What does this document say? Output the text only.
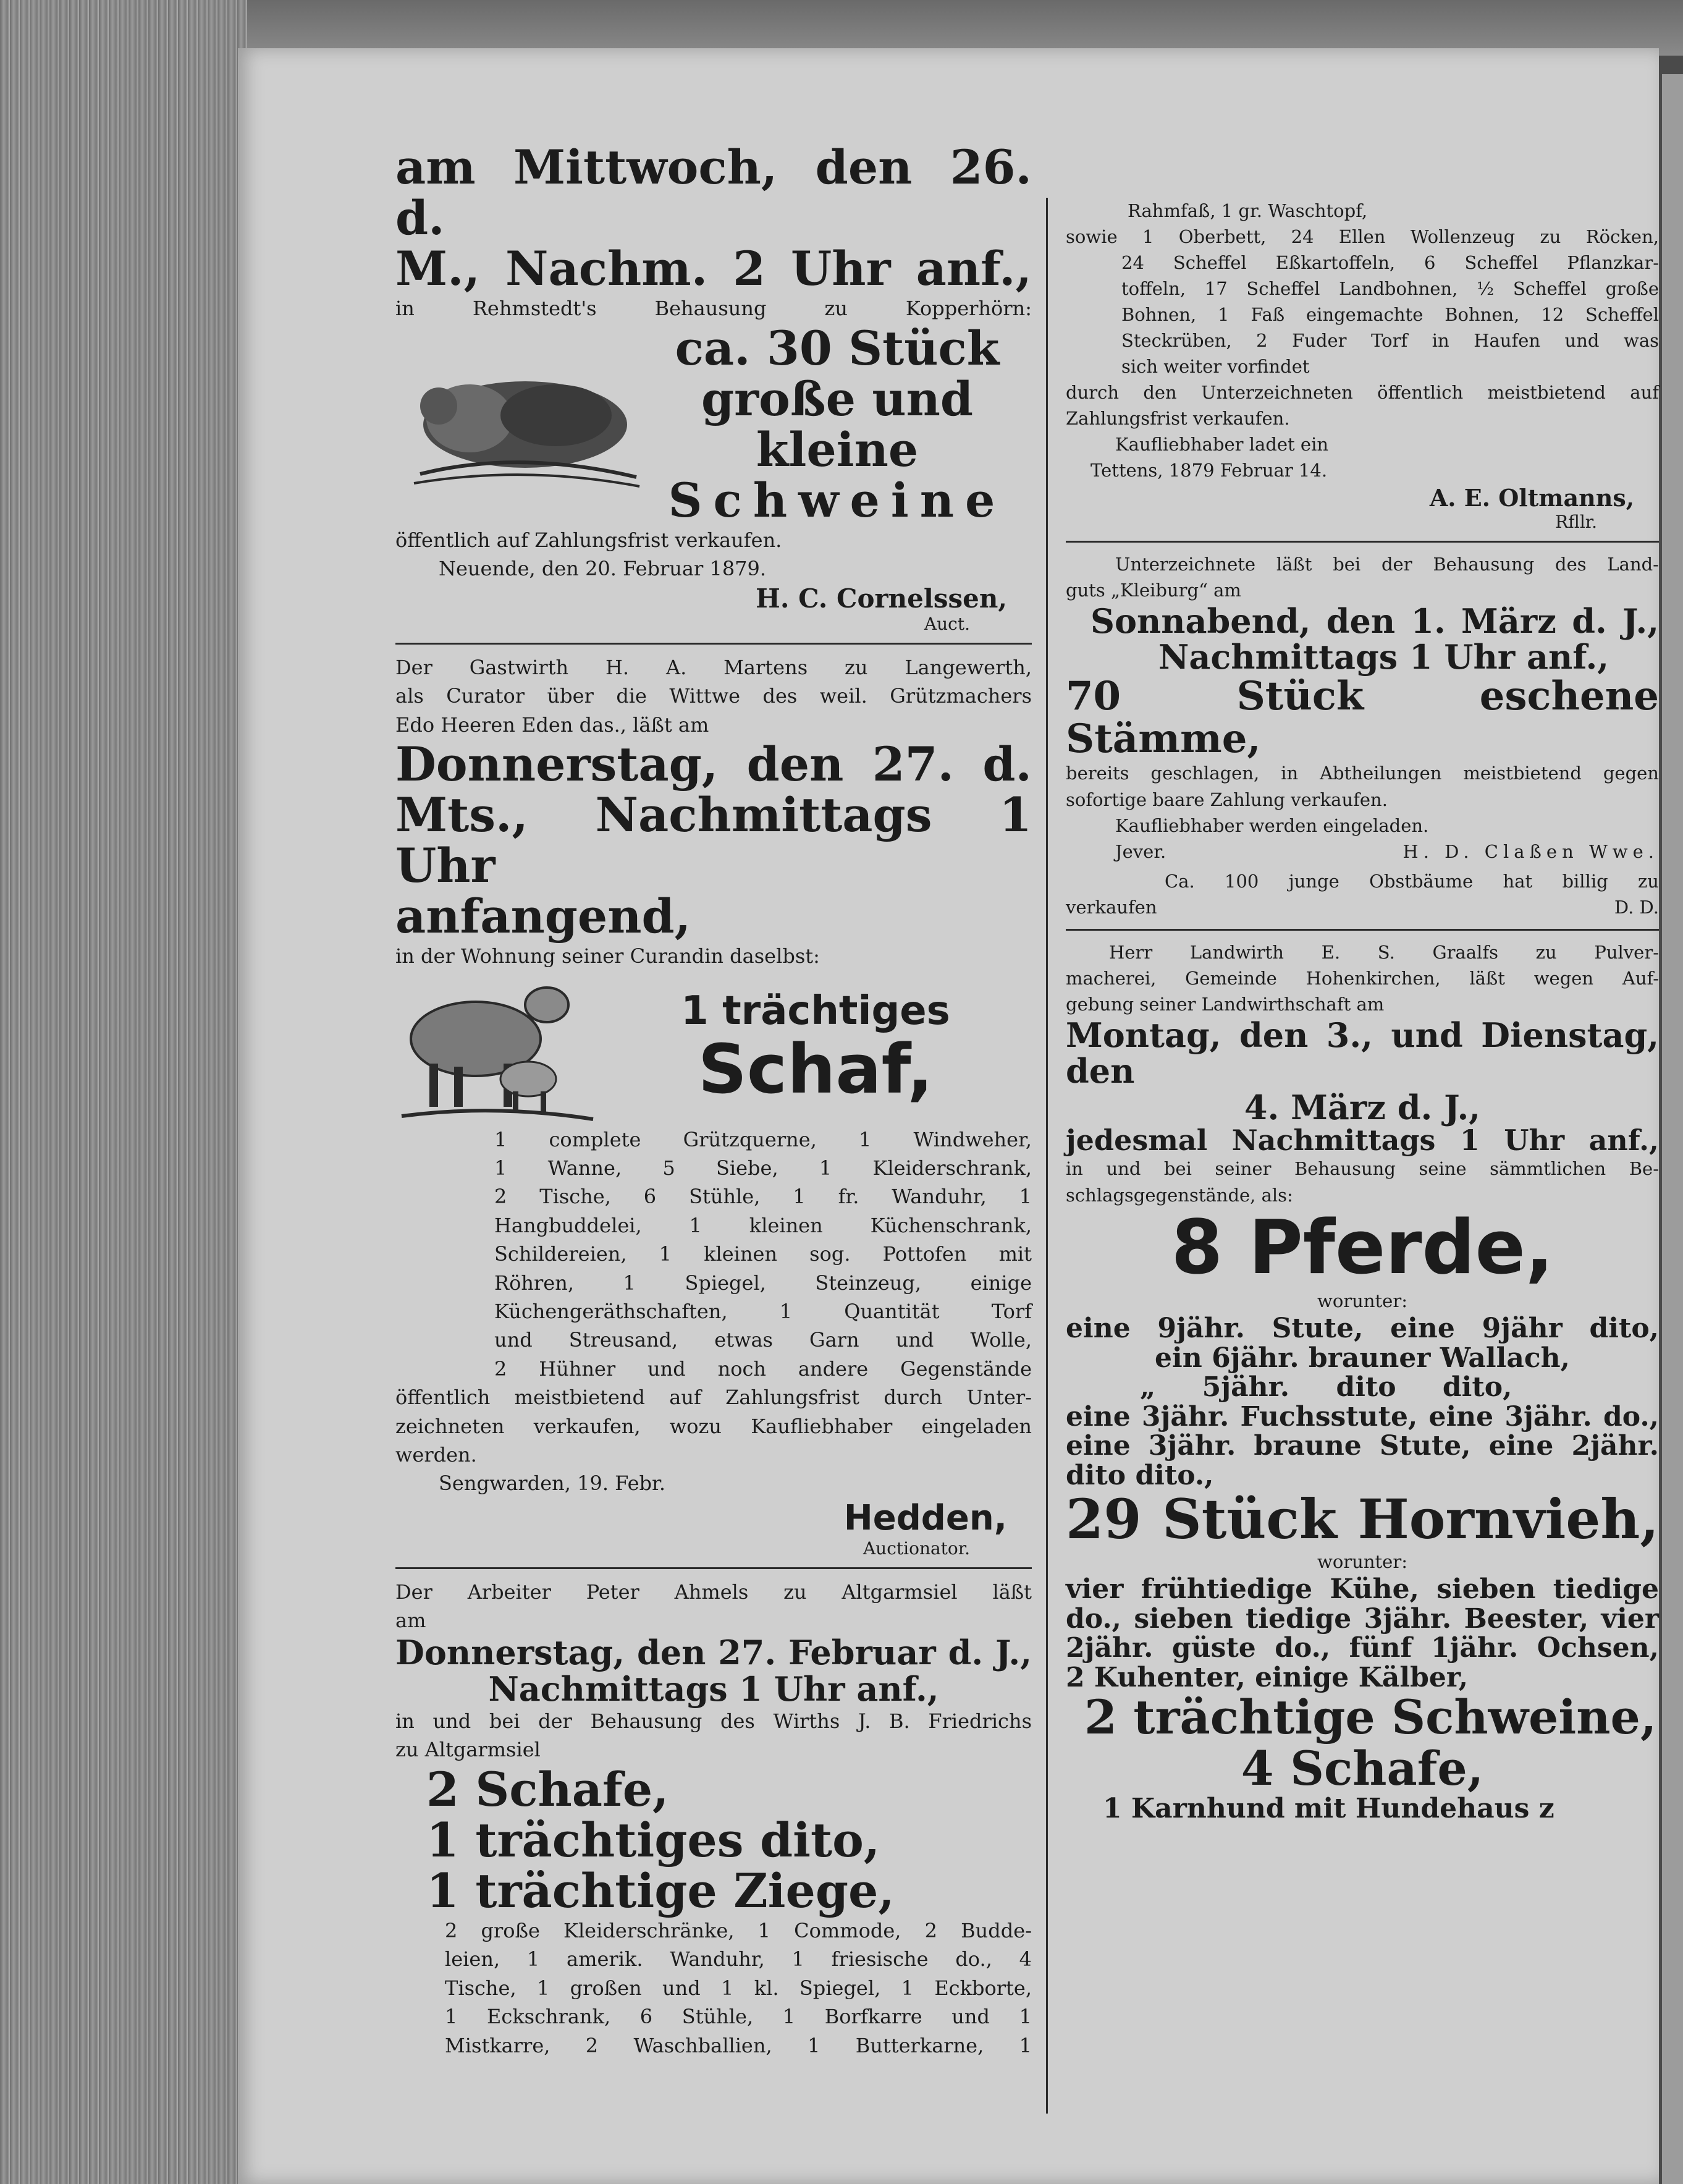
am Mittwoch, den 26. d.

M., Nachm. 2 Uhr anf.,

in Rehmstedt's Behausung zu Kopperhörn:

ca. 30 Stück

große und kleine

Schweine

öffentlich auf Zahlungsfrist verkaufen.

Neuende, den 20. Februar 1879.

H. C. Cornelssen,

Auct.

Der Gastwirth H. A. Martens zu Langewerth,

als Curator über die Wittwe des weil. Grützmachers

Edo Heeren Eden das., läßt am

Donnerstag, den 27. d.

Mts., Nachmittags 1 Uhr

anfangend,

in der Wohnung seiner Curandin daselbst:

1 trächtiges

Schaf,

1 complete Grützquerne, 1 Windweher,

1 Wanne, 5 Siebe, 1 Kleiderschrank,

2 Tische, 6 Stühle, 1 fr. Wanduhr, 1

Hangbuddelei, 1 kleinen Küchenschrank,

Schildereien, 1 kleinen sog. Pottofen mit

Röhren, 1 Spiegel, Steinzeug, einige

Küchengeräthschaften, 1 Quantität Torf

und Streusand, etwas Garn und Wolle,

2 Hühner und noch andere Gegenstände

öffentlich meistbietend auf Zahlungsfrist durch Unter-

zeichneten verkaufen, wozu Kaufliebhaber eingeladen

werden.

Sengwarden, 19. Febr.

Hedden,

Auctionator.

Der Arbeiter Peter Ahmels zu Altgarmsiel läßt

am

Donnerstag, den 27. Februar d. J.,

Nachmittags 1 Uhr anf.,

in und bei der Behausung des Wirths J. B. Friedrichs

zu Altgarmsiel

2 Schafe,

1 trächtiges dito,

1 trächtige Ziege,

2 große Kleiderschränke, 1 Commode, 2 Budde-

leien, 1 amerik. Wanduhr, 1 friesische do., 4

Tische, 1 großen und 1 kl. Spiegel, 1 Eckborte,

1 Eckschrank, 6 Stühle, 1 Borfkarre und 1

Mistkarre, 2 Waschballien, 1 Butterkarne, 1

Rahmfaß, 1 gr. Waschtopf,

sowie 1 Oberbett, 24 Ellen Wollenzeug zu Röcken,

24 Scheffel Eßkartoffeln, 6 Scheffel Pflanzkar-

toffeln, 17 Scheffel Landbohnen, ½ Scheffel große

Bohnen, 1 Faß eingemachte Bohnen, 12 Scheffel

Steckrüben, 2 Fuder Torf in Haufen und was

sich weiter vorfindet

durch den Unterzeichneten öffentlich meistbietend auf

Zahlungsfrist verkaufen.

Kaufliebhaber ladet ein

Tettens, 1879 Februar 14.

A. E. Oltmanns,

Rfllr.

Unterzeichnete läßt bei der Behausung des Land-

guts „Kleiburg“ am

Sonnabend, den 1. März d. J.,

Nachmittags 1 Uhr anf.,

70 Stück eschene Stämme,

bereits geschlagen, in Abtheilungen meistbietend gegen

sofortige baare Zahlung verkaufen.

Kaufliebhaber werden eingeladen.

Jever.	H. D. Claßen Wwe.

Ca. 100 junge Obstbäume hat billig zu

verkaufen	D. D.

Herr Landwirth E. S. Graalfs zu Pulver-

macherei, Gemeinde Hohenkirchen, läßt wegen Auf-

gebung seiner Landwirthschaft am

Montag, den 3., und Dienstag, den

4. März d. J.,

jedesmal Nachmittags 1 Uhr anf.,

in und bei seiner Behausung seine sämmtlichen Be-

schlagsgegenstände, als:

8 Pferde,

worunter:

eine 9jähr. Stute, eine 9jähr dito,

ein 6jähr. brauner Wallach,

„ 5jähr. dito dito,

eine 3jähr. Fuchsstute, eine 3jähr. do.,

eine 3jähr. braune Stute, eine 2jähr.

dito dito.,

29 Stück Hornvieh,

worunter:

vier frühtiedige Kühe, sieben tiedige

do., sieben tiedige 3jähr. Beester, vier

2jähr. güste do., fünf 1jähr. Ochsen,

2 Kuhenter, einige Kälber,

2 trächtige Schweine,

4 Schafe,

1 Karnhund mit Hundehaus z
